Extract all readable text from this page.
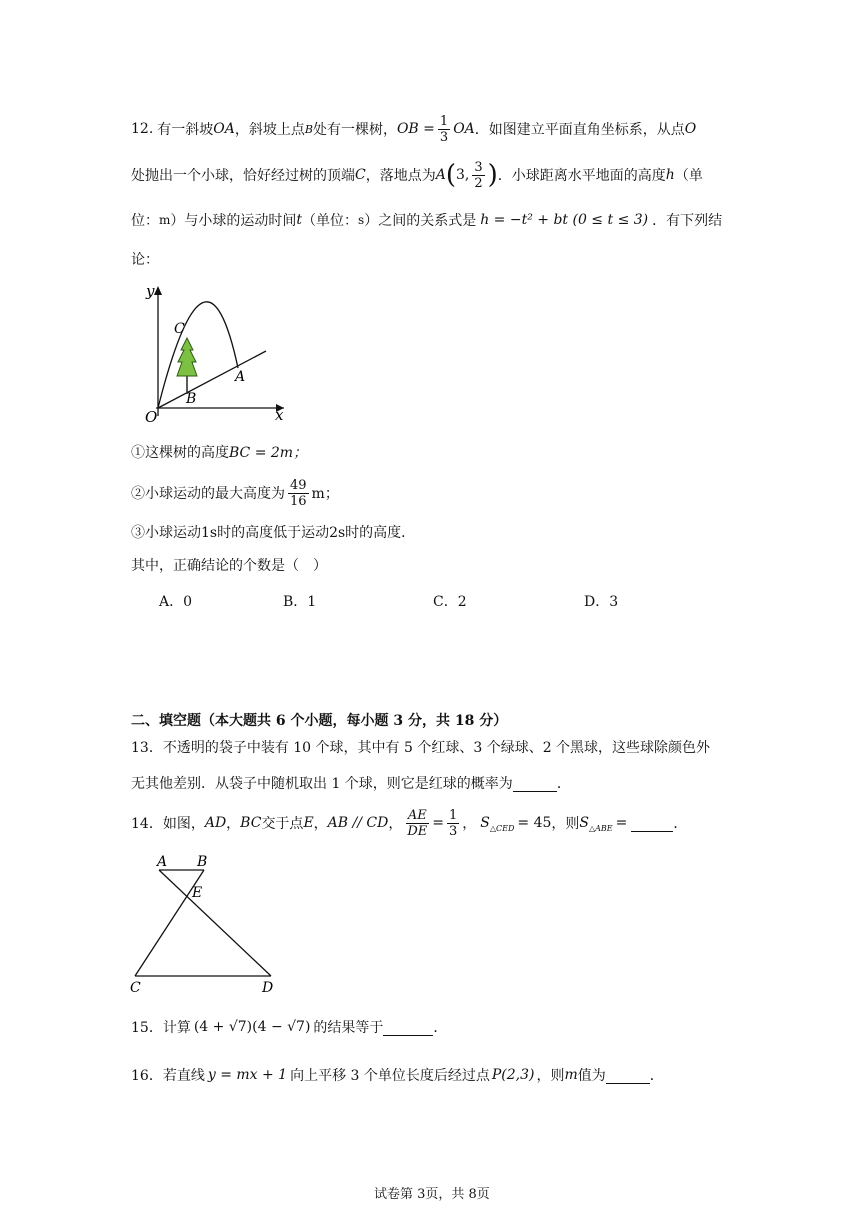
12. 有一斜坡 OA ，斜坡上点 B 处有一棵树， OB = $\frac{1}{3}$ OA ．如图建立平面直角坐标系，从点 O
处抛出一个小球，恰好经过树的顶端 C ，落地点为 A ( 3, $\frac{3}{2}$ ) ．小球距离水平地面的高度 h （单
位： m ）与小球的运动时间 t （单位： s ）之间的关系式是 h = −t² + bt (0 ≤ t ≤ 3) ．有下列结
论：
y
x
O
B
C
A
①这棵树的高度 BC = 2m；
②小球运动的最大高度为 $\frac{49}{16}$ m；
③小球运动1s时的高度低于运动2s时的高度．
其中，正确结论的个数是（　）
A．0	B．1	C．2	D．3
二、填空题（本大题共 6 个小题，每小题 3 分，共 18 分）
13．不透明的袋子中装有 10 个球，其中有 5 个红球、3 个绿球、2 个黑球，这些球除颜色外
无其他差别．从袋子中随机取出 1 个球，则它是红球的概率为	．
14．如图， AD ， BC 交于点 E ， AB // CD ， $\frac{AE}{DE} = \frac{1}{3}$ ， S △CED = 45 ，则 S △ABE =	．
A B
E
C	D
15．计算 (4 + √7)(4 − √7) 的结果等于	．
16．若直线 y = mx + 1 向上平移 3 个单位长度后经过点 P(2,3) ，则 m 值为	．
试卷第 3页，共 8页
